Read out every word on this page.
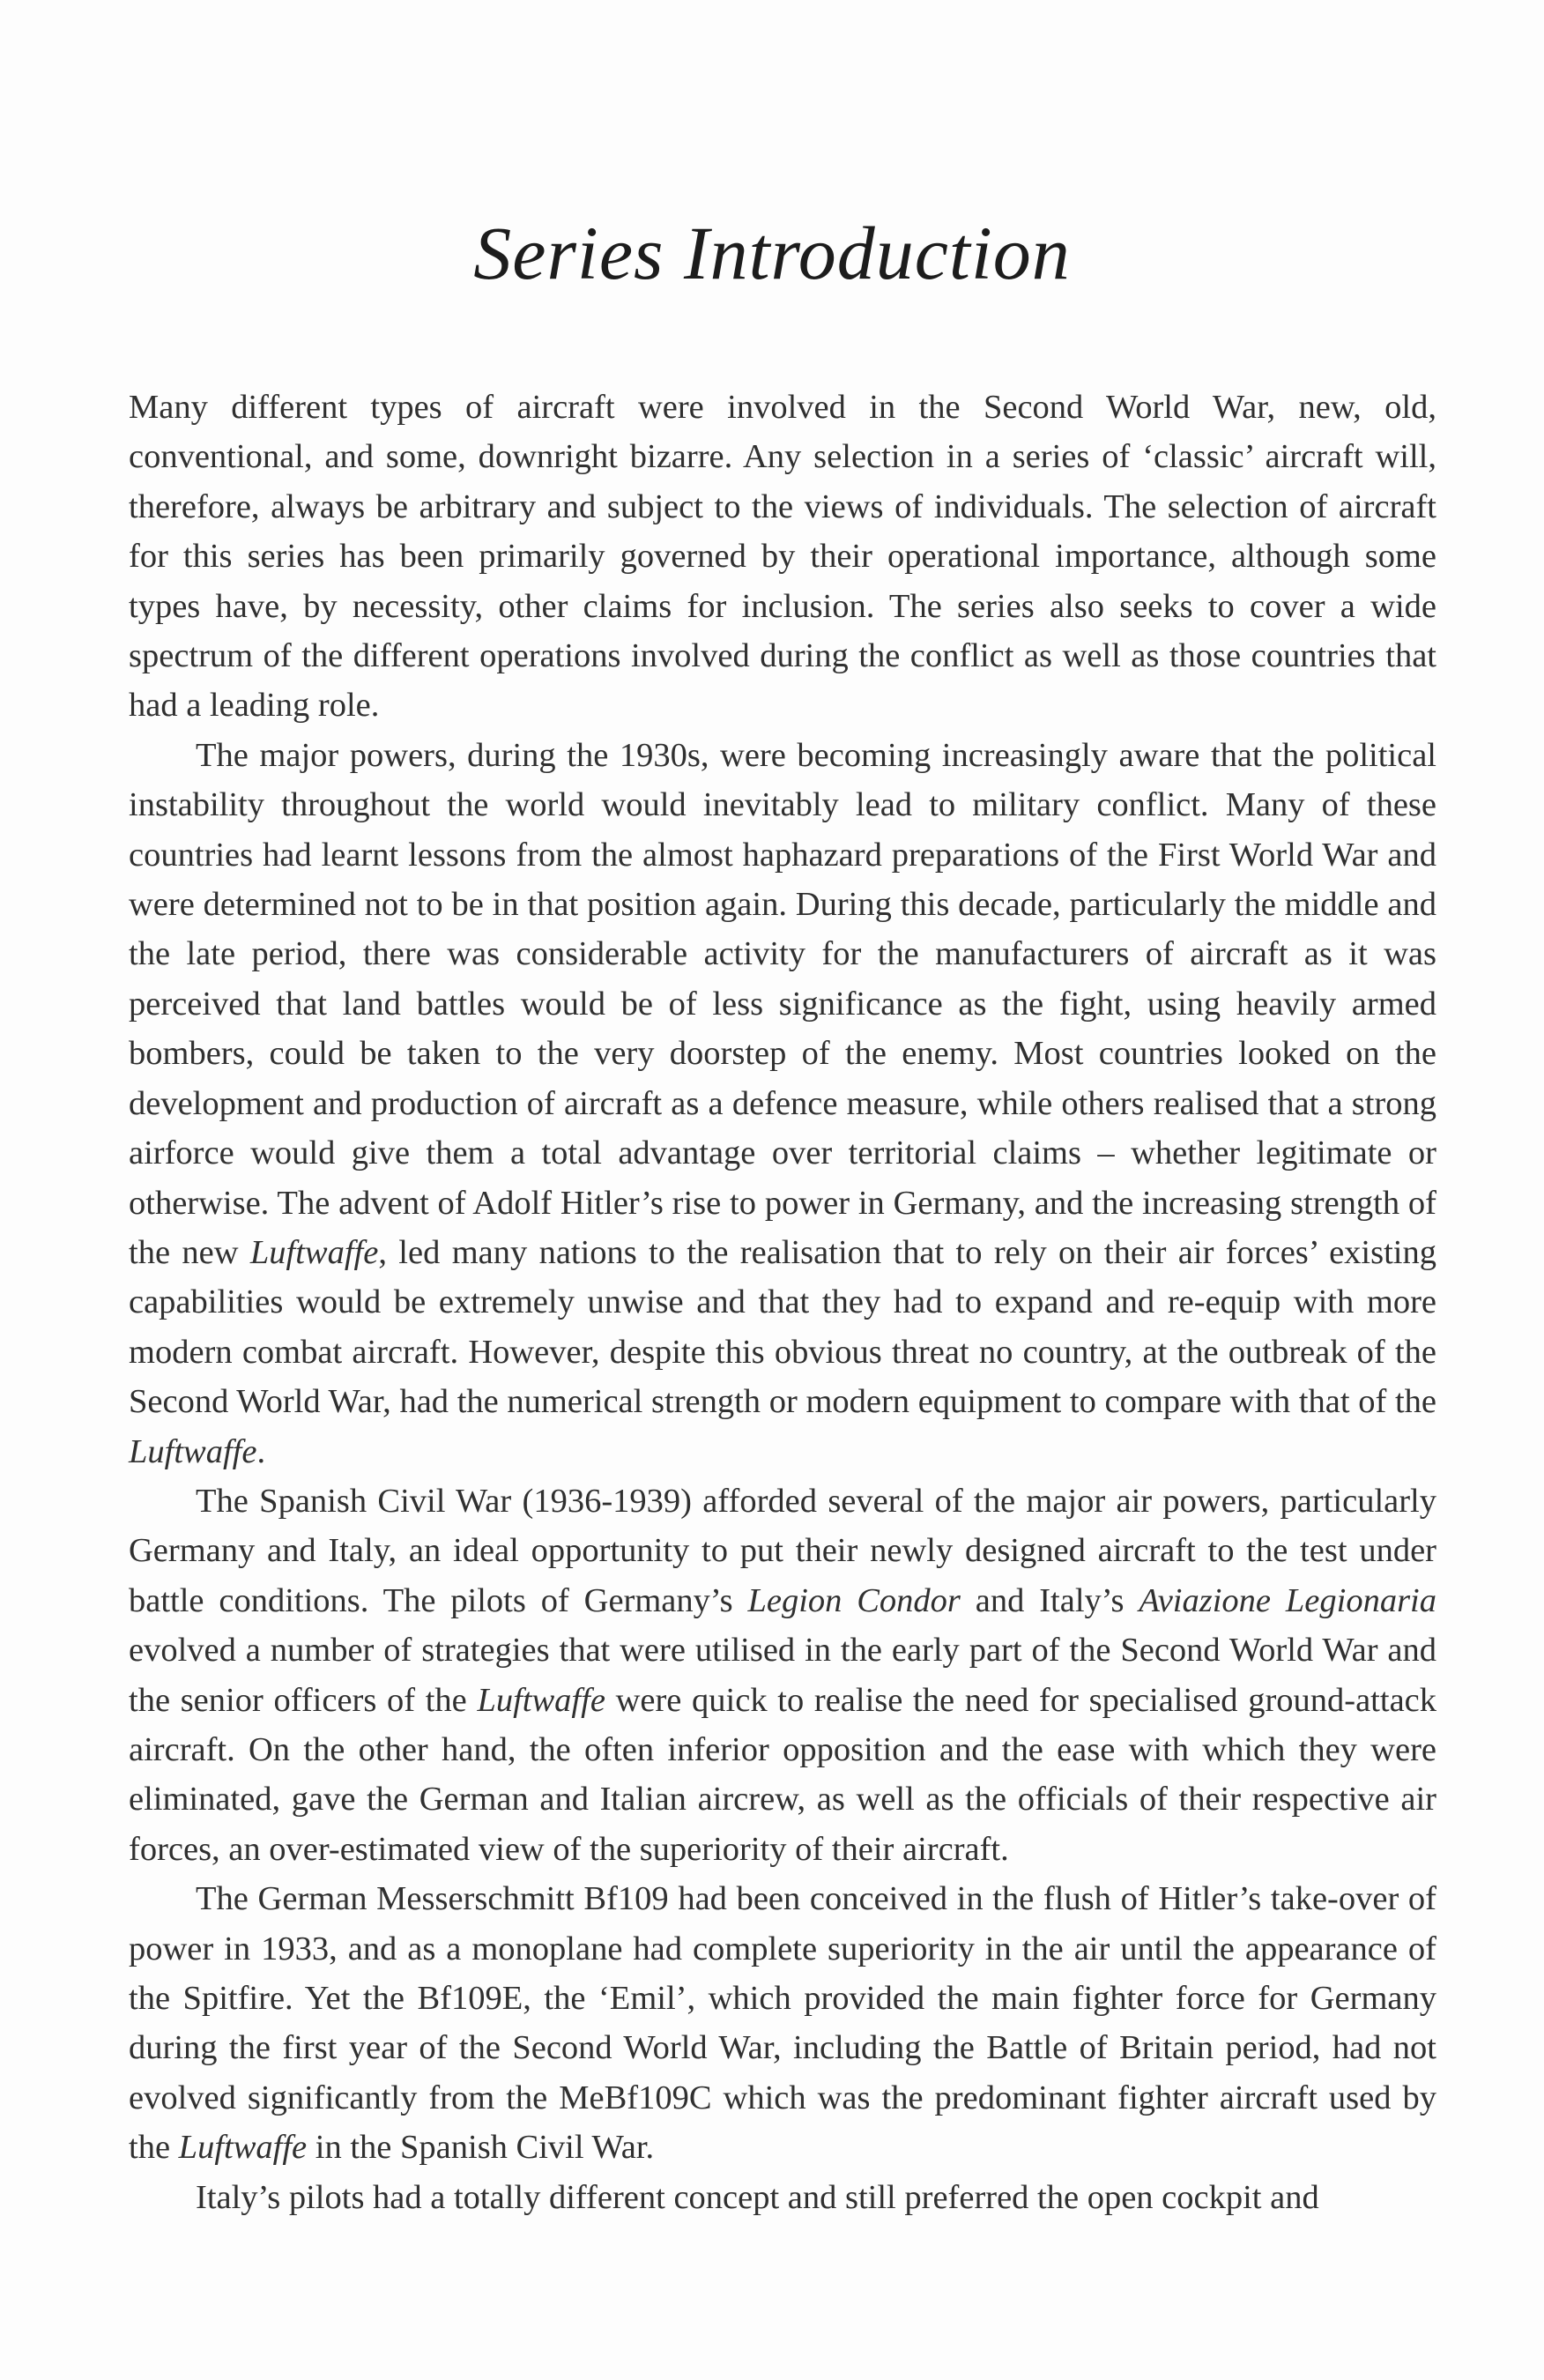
Series Introduction

Many different types of aircraft were involved in the Second World War, new, old, conventional, and some, downright bizarre. Any selection in a series of ‘classic’ aircraft will, therefore, always be arbitrary and subject to the views of individuals. The selection of aircraft for this series has been primarily governed by their operational importance, although some types have, by necessity, other claims for inclusion. The series also seeks to cover a wide spectrum of the different operations involved during the conflict as well as those countries that had a leading role.

The major powers, during the 1930s, were becoming increasingly aware that the political instability throughout the world would inevitably lead to military conflict. Many of these countries had learnt lessons from the almost haphazard preparations of the First World War and were determined not to be in that position again. During this decade, particularly the middle and the late period, there was considerable activity for the manufacturers of aircraft as it was perceived that land battles would be of less significance as the fight, using heavily armed bombers, could be taken to the very doorstep of the enemy. Most countries looked on the development and production of aircraft as a defence measure, while others realised that a strong airforce would give them a total advantage over territorial claims – whether legitimate or otherwise. The advent of Adolf Hitler’s rise to power in Germany, and the increasing strength of the new Luftwaffe, led many nations to the realisation that to rely on their air forces’ existing capabilities would be extremely unwise and that they had to expand and re-equip with more modern combat aircraft. However, despite this obvious threat no country, at the outbreak of the Second World War, had the numerical strength or modern equipment to compare with that of the Luftwaffe.

The Spanish Civil War (1936-1939) afforded several of the major air powers, particularly Germany and Italy, an ideal opportunity to put their newly designed aircraft to the test under battle conditions. The pilots of Germany’s Legion Condor and Italy’s Aviazione Legionaria evolved a number of strategies that were utilised in the early part of the Second World War and the senior officers of the Luftwaffe were quick to realise the need for specialised ground-attack aircraft. On the other hand, the often inferior opposition and the ease with which they were eliminated, gave the German and Italian aircrew, as well as the officials of their respective air forces, an over-estimated view of the superiority of their aircraft.

The German Messerschmitt Bf109 had been conceived in the flush of Hitler’s take-over of power in 1933, and as a monoplane had complete superiority in the air until the appearance of the Spitfire. Yet the Bf109E, the ‘Emil’, which provided the main fighter force for Germany during the first year of the Second World War, including the Battle of Britain period, had not evolved significantly from the MeBf109C which was the predominant fighter aircraft used by the Luftwaffe in the Spanish Civil War.

Italy’s pilots had a totally different concept and still preferred the open cockpit and
